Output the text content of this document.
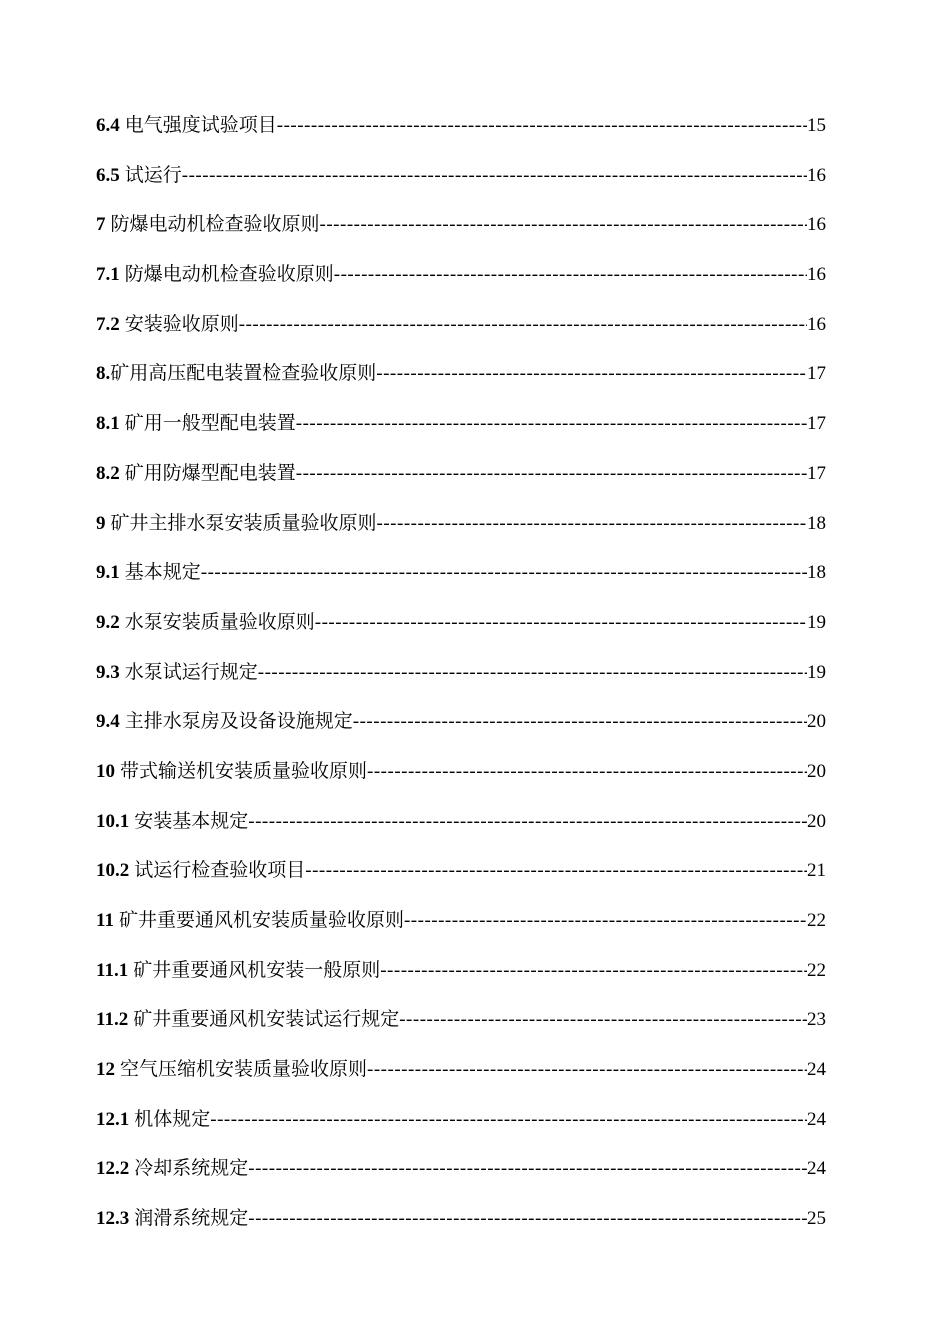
6.4 电气强度试验项目 -----	15
6.5 试运行 -----	16
7 防爆电动机检查验收原则 -----	16
7.1 防爆电动机检查验收原则 -----	16
7.2 安装验收原则 -----	16
8. 矿用高压配电装置检查验收原则 -----	17
8.1 矿用一般型配电装置 -----	17
8.2 矿用防爆型配电装置 -----	17
9 矿井主排水泵安装质量验收原则 -----	18
9.1 基本规定 -----	18
9.2 水泵安装质量验收原则 -----	19
9.3 水泵试运行规定 -----	19
9.4 主排水泵房及设备设施规定 -----	20
10 带式输送机安装质量验收原则 -----	20
10.1 安装基本规定 -----	20
10.2 试运行检查验收项目 -----	21
11 矿井重要通风机安装质量验收原则 -----	22
11.1 矿井重要通风机安装一般原则 -----	22
11.2 矿井重要通风机安装试运行规定 -----	23
12 空气压缩机安装质量验收原则 -----	24
12.1 机体规定 -----	24
12.2 冷却系统规定 -----	24
12.3 润滑系统规定 -----	25
